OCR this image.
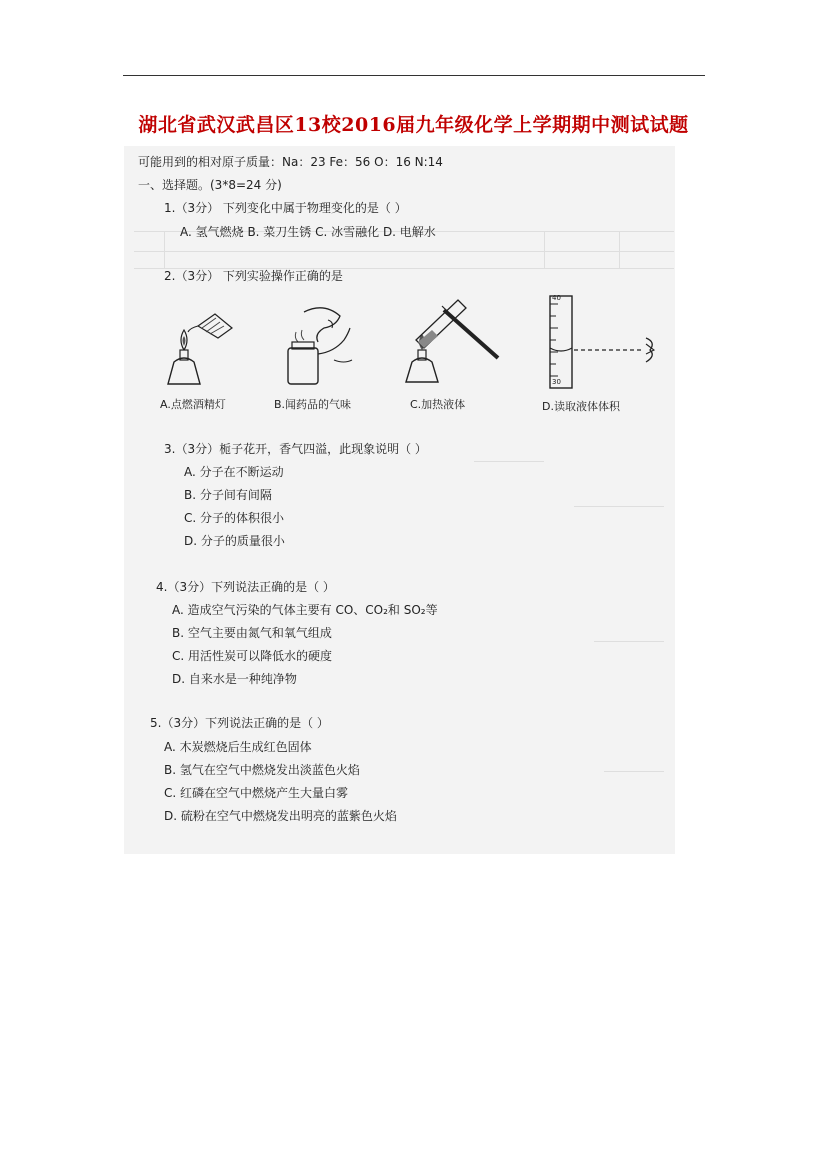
湖北省武汉武昌区13校2016届九年级化学上学期期中测试试题
可能用到的相对原子质量：Na：23 Fe：56 O：16 N:14
一、选择题。(3*8=24 分)
1.（3分） 下列变化中属于物理变化的是（ ）
A. 氢气燃烧 B. 菜刀生锈 C. 冰雪融化 D. 电解水
2.（3分） 下列实验操作正确的是
A.点燃酒精灯	B.闻药品的气味	C.加热液体
40
30
D.读取液体体积
3.（3分）栀子花开，香气四溢，此现象说明（ ）
A. 分子在不断运动
B. 分子间有间隔
C. 分子的体积很小
D. 分子的质量很小
4.（3分）下列说法正确的是（ ）
A. 造成空气污染的气体主要有 CO、CO₂和 SO₂等
B. 空气主要由氮气和氧气组成
C. 用活性炭可以降低水的硬度
D. 自来水是一种纯净物
5.（3分）下列说法正确的是（ ）
A. 木炭燃烧后生成红色固体
B. 氢气在空气中燃烧发出淡蓝色火焰
C. 红磷在空气中燃烧产生大量白雾
D. 硫粉在空气中燃烧发出明亮的蓝紫色火焰
